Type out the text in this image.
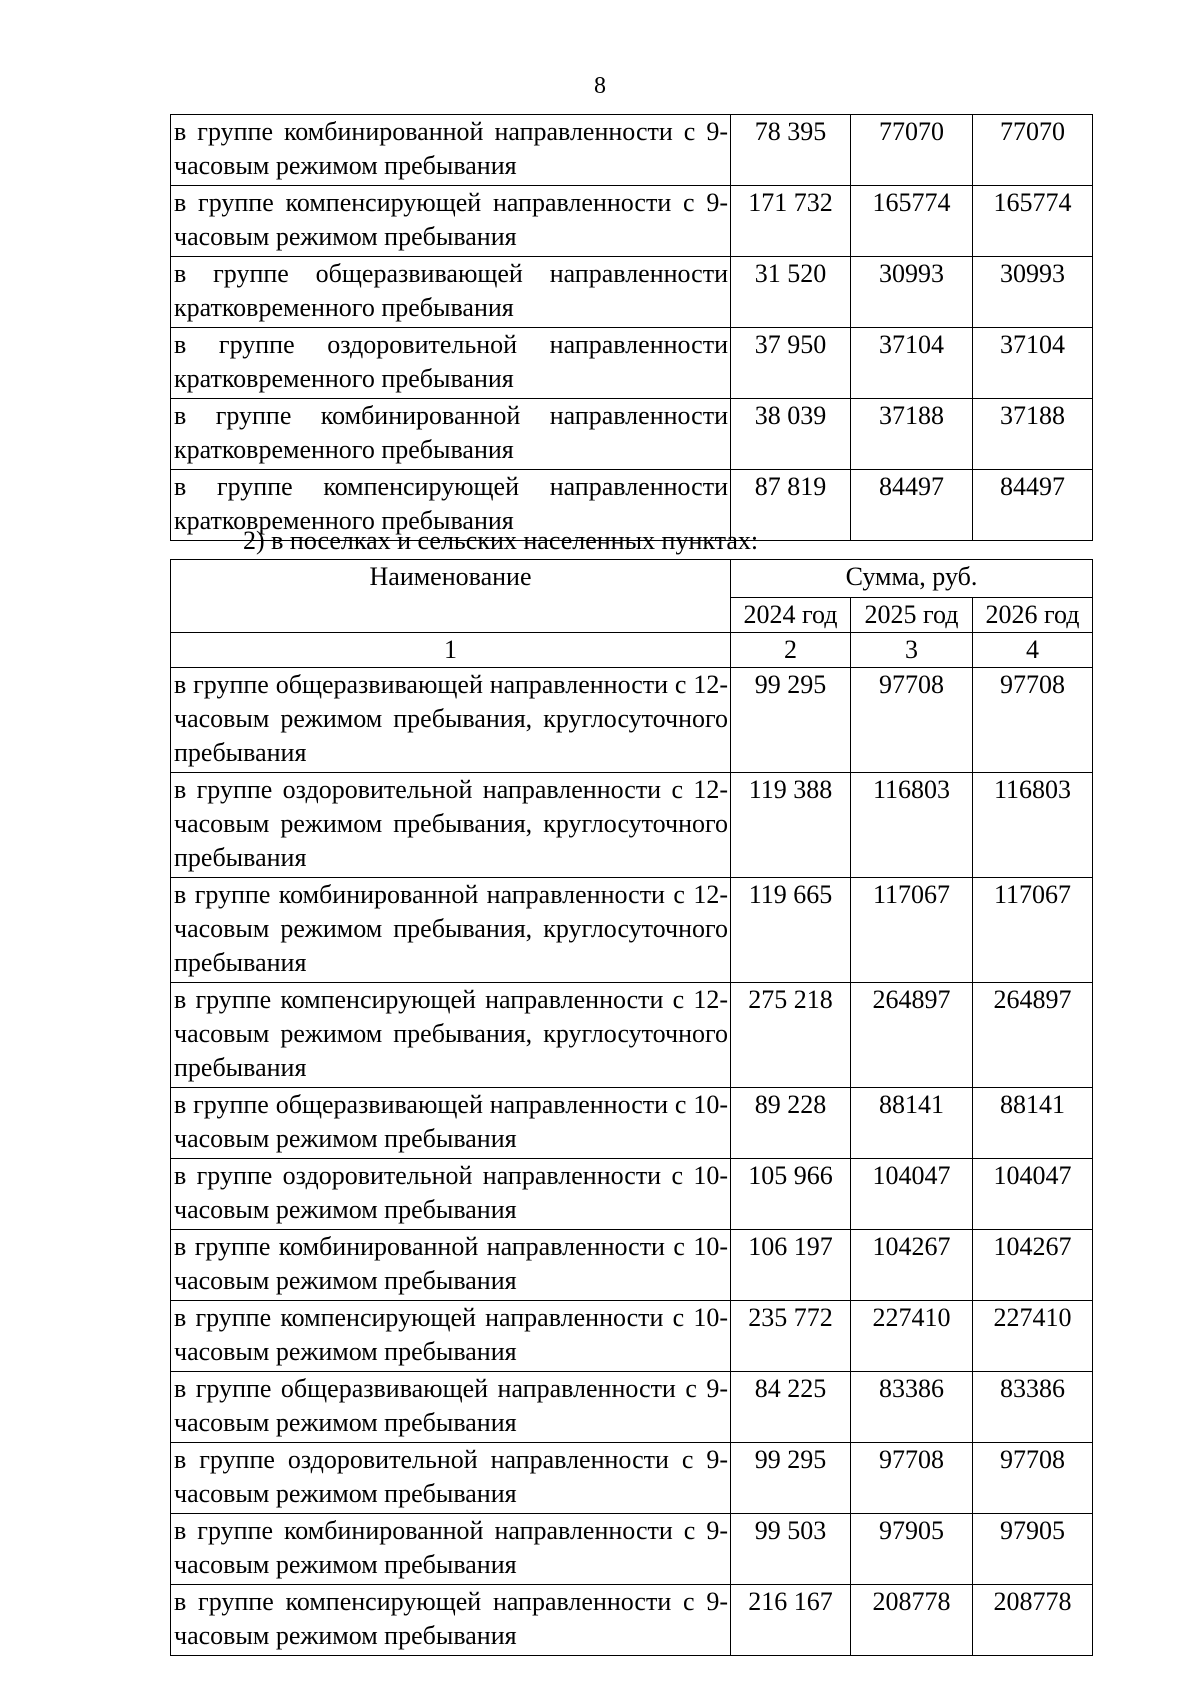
8
в группе комбинированной направленности с 9-часовым режимом пребывания	78 395	77070	77070
в группе компенсирующей направленности с 9-часовым режимом пребывания	171 732	165774	165774
в группе общеразвивающей направленности кратковременного пребывания	31 520	30993	30993
в группе оздоровительной направленности кратковременного пребывания	37 950	37104	37104
в группе комбинированной направленности кратковременного пребывания	38 039	37188	37188
в группе компенсирующей направленности кратковременного пребывания	87 819	84497	84497
2) в поселках и сельских населенных пунктах:
Наименование	Сумма, руб.		
	2024 год	2025 год	2026 год
1	2	3	4
в группе общеразвивающей направленности с 12-часовым режимом пребывания, круглосуточного пребывания	99 295	97708	97708
в группе оздоровительной направленности с 12-часовым режимом пребывания, круглосуточного пребывания	119 388	116803	116803
в группе комбинированной направленности с 12-часовым режимом пребывания, круглосуточного пребывания	119 665	117067	117067
в группе компенсирующей направленности с 12-часовым режимом пребывания, круглосуточного пребывания	275 218	264897	264897
в группе общеразвивающей направленности с 10-часовым режимом пребывания	89 228	88141	88141
в группе оздоровительной направленности с 10-часовым режимом пребывания	105 966	104047	104047
в группе комбинированной направленности с 10-часовым режимом пребывания	106 197	104267	104267
в группе компенсирующей направленности с 10-часовым режимом пребывания	235 772	227410	227410
в группе общеразвивающей направленности с 9-часовым режимом пребывания	84 225	83386	83386
в группе оздоровительной направленности с 9-часовым режимом пребывания	99 295	97708	97708
в группе комбинированной направленности с 9-часовым режимом пребывания	99 503	97905	97905
в группе компенсирующей направленности с 9-часовым режимом пребывания	216 167	208778	208778
